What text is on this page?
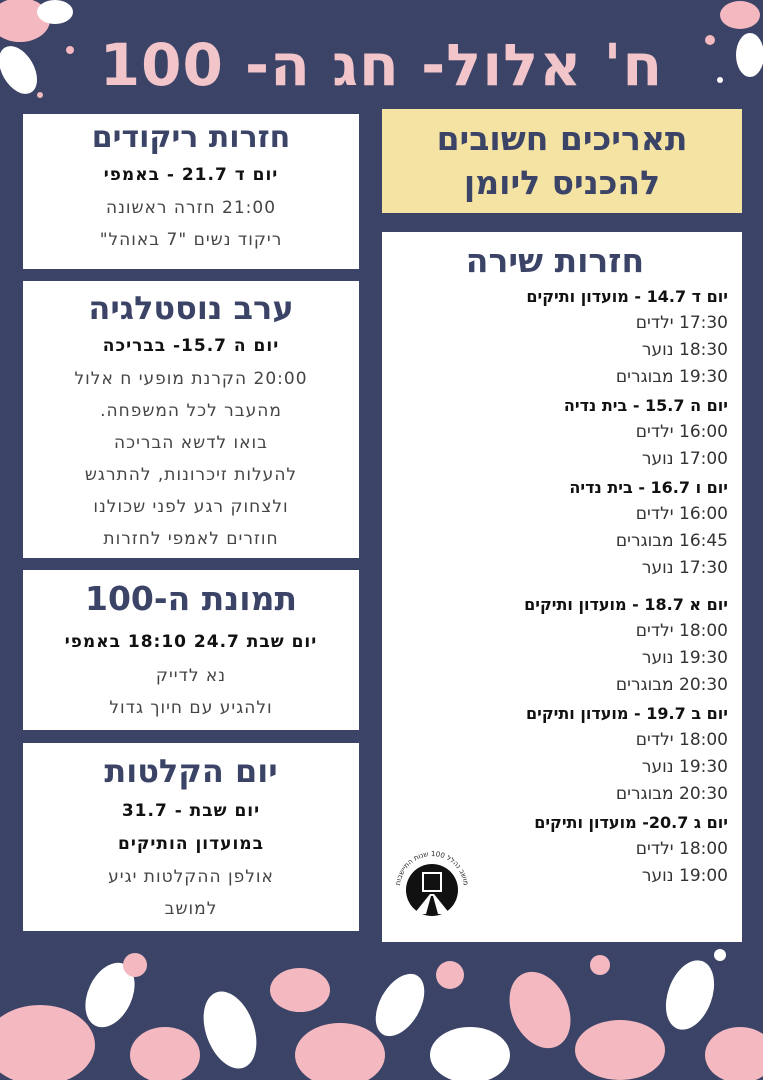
ח' אלול- חג ה- 100
תאריכים חשובים
להכניס ליומן
חזרות שירה
יום ד 14.7 - מועדון ותיקים
17:30 ילדים
18:30 נוער
19:30 מבוגרים
יום ה 15.7 - בית נדיה
16:00 ילדים
17:00 נוער
יום ו 16.7 - בית נדיה
16:00 ילדים
16:45 מבוגרים
17:30 נוער
יום א 18.7 - מועדון ותיקים
18:00 ילדים
19:30 נוער
20:30 מבוגרים
יום ב 19.7 - מועדון ותיקים
18:00 ילדים
19:30 נוער
20:30 מבוגרים
יום ג 20.7- מועדון ותיקים
18:00 ילדים
19:00 נוער
מושב נהלל 100 שנות התיישבות
חזרות ריקודים
יום ד 21.7 - באמפי
21:00 חזרה ראשונה
ריקוד נשים "7 באוהל"
ערב נוסטלגיה
יום ה 15.7- בבריכה
20:00 הקרנת מופעי ח אלול
מהעבר לכל המשפחה.
בואו לדשא הבריכה
להעלות זיכרונות, להתרגש
ולצחוק רגע לפני שכולנו
חוזרים לאמפי לחזרות
תמונת ה-100
יום שבת 24.7 18:10 באמפי
נא לדייק
ולהגיע עם חיוך גדול
יום הקלטות
יום שבת - 31.7
במועדון הותיקים
אולפן ההקלטות יגיע
למושב
